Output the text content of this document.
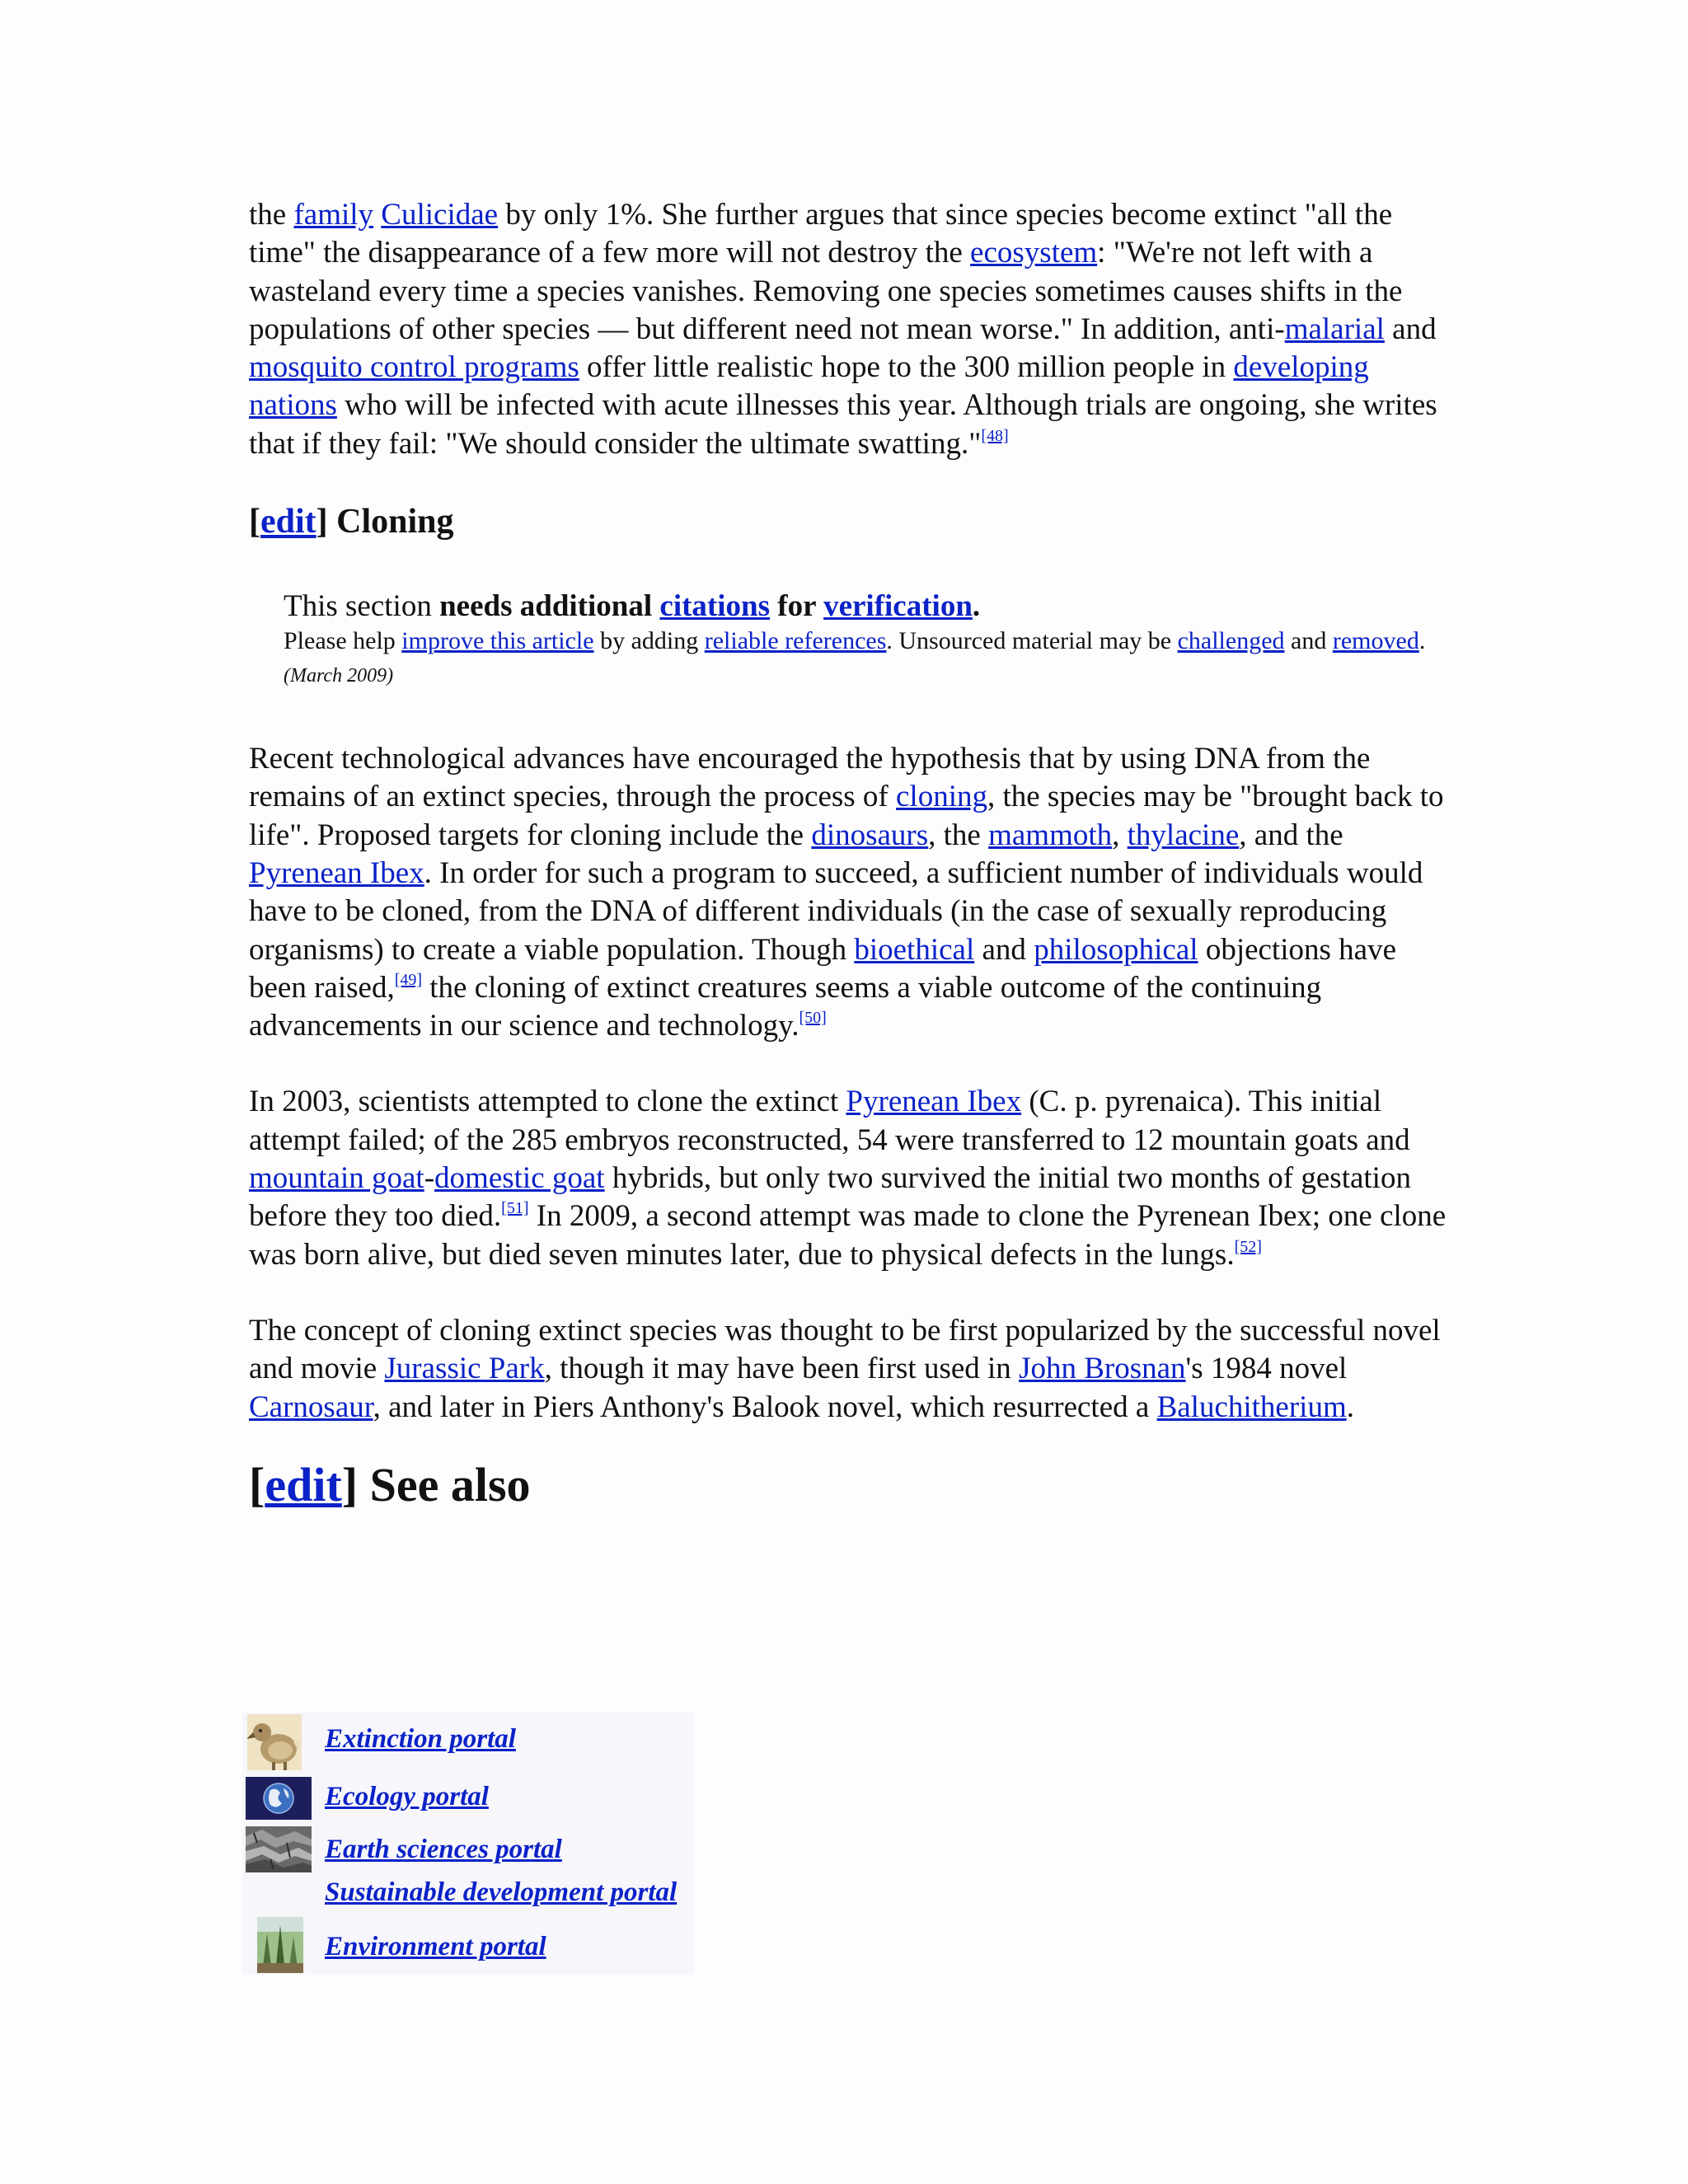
the family Culicidae by only 1%. She further argues that since species become extinct "all the time" the disappearance of a few more will not destroy the ecosystem: "We're not left with a wasteland every time a species vanishes. Removing one species sometimes causes shifts in the populations of other species — but different need not mean worse." In addition, anti-malarial and mosquito control programs offer little realistic hope to the 300 million people in developing nations who will be infected with acute illnesses this year. Although trials are ongoing, she writes that if they fail: "We should consider the ultimate swatting."[48]

[edit] Cloning
This section needs additional citations for verification.
Please help improve this article by adding reliable references. Unsourced material may be challenged and removed. (March 2009)

Recent technological advances have encouraged the hypothesis that by using DNA from the remains of an extinct species, through the process of cloning, the species may be "brought back to life". Proposed targets for cloning include the dinosaurs, the mammoth, thylacine, and the Pyrenean Ibex. In order for such a program to succeed, a sufficient number of individuals would have to be cloned, from the DNA of different individuals (in the case of sexually reproducing organisms) to create a viable population. Though bioethical and philosophical objections have been raised,[49] the cloning of extinct creatures seems a viable outcome of the continuing advancements in our science and technology.[50]

In 2003, scientists attempted to clone the extinct Pyrenean Ibex (C. p. pyrenaica). This initial attempt failed; of the 285 embryos reconstructed, 54 were transferred to 12 mountain goats and mountain goat-domestic goat hybrids, but only two survived the initial two months of gestation before they too died.[51] In 2009, a second attempt was made to clone the Pyrenean Ibex; one clone was born alive, but died seven minutes later, due to physical defects in the lungs.[52]

The concept of cloning extinct species was thought to be first popularized by the successful novel and movie Jurassic Park, though it may have been first used in John Brosnan's 1984 novel Carnosaur, and later in Piers Anthony's Balook novel, which resurrected a Baluchitherium.

[edit] See also
Extinction portal
Ecology portal
Earth sciences portal
Sustainable development portal
Environment portal
